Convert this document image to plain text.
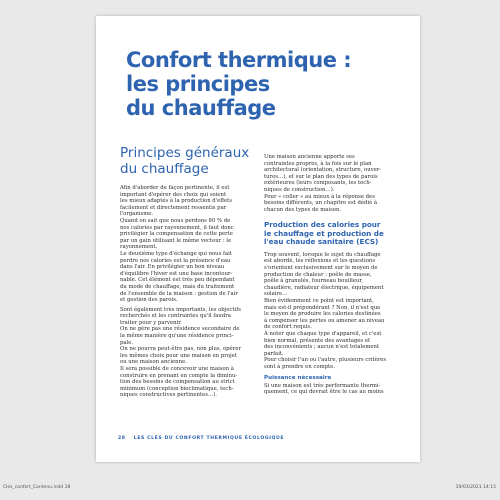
Confort thermique :
les principes
du chauffage
Principes généraux
du chauffage
Afin d'aborder de façon pertinente, il est
important d'opérer des choix qui soient
les mieux adaptés à la production d'effets
facilement et directement ressentis par
l'organisme.
Quand on sait que nous perdons 80 % de
nos calories par rayonnement, il faut donc
privilégier la compensation de cette perte
par un gain utilisant le même vecteur : le
rayonnement.
Le deuxième type d'échange qui nous fait
perdre nos calories est la présence d'eau
dans l'air. En privilégier un bon niveau
d'équilibre l'hiver est une base incontour-
nable. Cet élément est très peu dépendant
du mode de chauffage, mais du traitement
de l'ensemble de la maison : gestion de l'air
et gestion des parois.
Sont également très importants, les objectifs
recherchés et les contraintes qu'il faudra
traiter pour y parvenir.
On ne gère pas une résidence secondaire de
la même manière qu'une résidence princi-
pale.
On ne pourra peut-être pas, non plus, opérer
les mêmes choix pour une maison en projet
ou une maison ancienne.
Il sera possible de concevoir une maison à
construire en prenant en compte la diminu-
tion des besoins de compensation au strict
minimum (conception bioclimatique, tech-
niques constructives pertinentes…).
Une maison ancienne apporte ses
contraintes propres, à la fois sur le plan
architectural (orientation, structure, ouver-
tures…), et sur le plan des types de parois
extérieures (leurs composants, les tech-
niques de construction…).
Pour « coller » au mieux à la réponse des
besoins différents, un chapitre est dédié à
chacun des types de maison.
Production des calories pour
le chauffage et production de
l'eau chaude sanitaire (ECS)
Trop souvent, lorsque le sujet du chauffage
est abordé, les réflexions et les questions
s'orientent exclusivement sur le moyen de
production de chaleur : poêle de masse,
poêle à granulés, fourneau bouilleur,
chaudière, radiateur électrique, équipement
solaire…
Bien évidemment ce point est important,
mais est-il prépondérant ? Non, il n'est que
le moyen de produire les calories destinées
à compenser les pertes ou amener au niveau
de confort requis.
À noter que chaque type d'appareil, et c'est
bien normal, présente des avantages et
des inconvénients ; aucun n'est totalement
parfait.
Pour choisir l'un ou l'autre, plusieurs critères
sont à prendre en compte.
Puissance nécessaire
Si une maison est très performante thermi-
quement, ce qui devrait être le cas au moins
28 LES CLÉS DU CONFORT THERMIQUE ÉCOLOGIQUE
Cles_confort_Contenu.indd 28	19/03/2021 14:15
